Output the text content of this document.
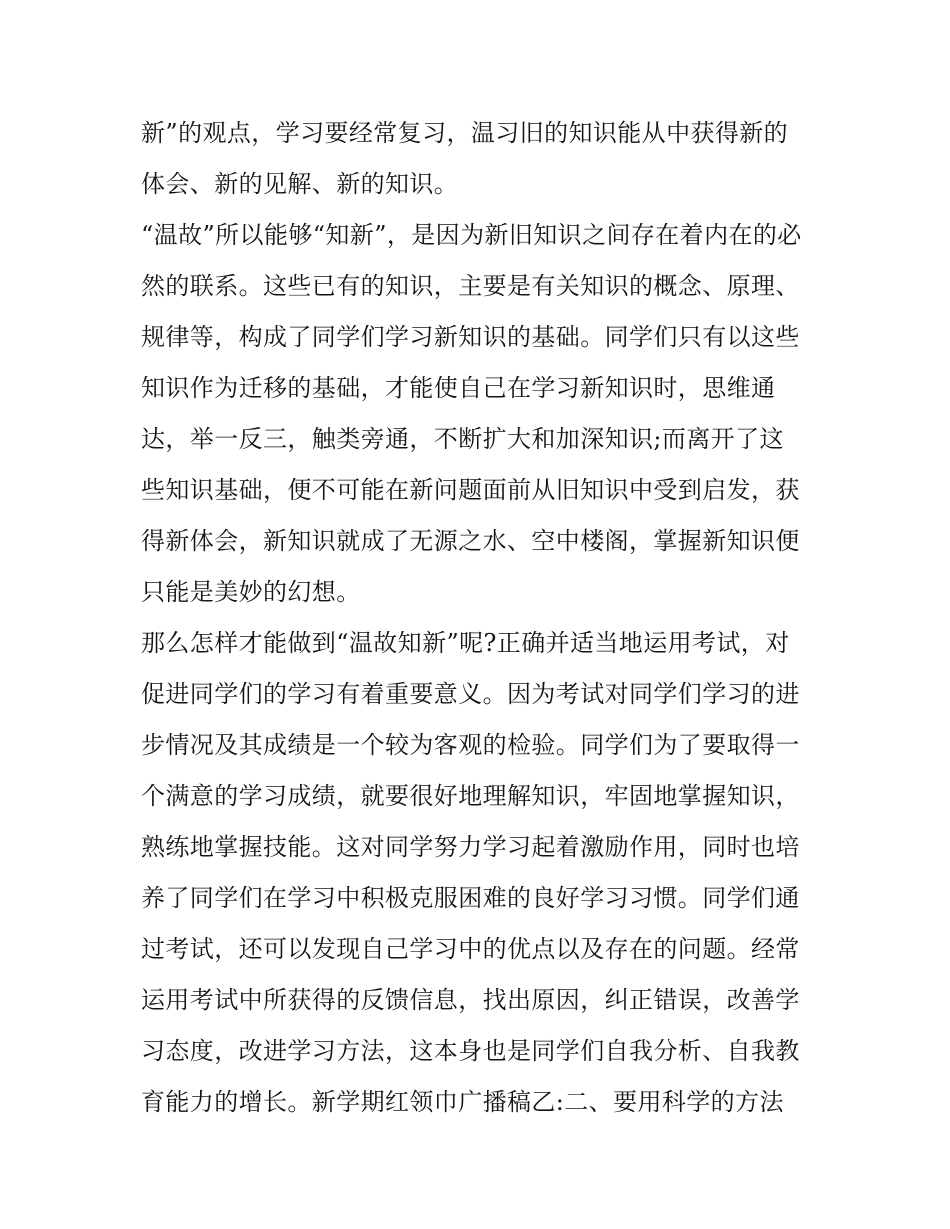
新”的观点，学习要经常复习，温习旧的知识能从中获得新的
体会、新的见解、新的知识。
“温故”所以能够“知新”，是因为新旧知识之间存在着内在的必
然的联系。这些已有的知识，主要是有关知识的概念、原理、
规律等，构成了同学们学习新知识的基础。同学们只有以这些
知识作为迁移的基础，才能使自己在学习新知识时，思维通
达，举一反三，触类旁通，不断扩大和加深知识;而离开了这
些知识基础，便不可能在新问题面前从旧知识中受到启发，获
得新体会，新知识就成了无源之水、空中楼阁，掌握新知识便
只能是美妙的幻想。
那么怎样才能做到“温故知新”呢?正确并适当地运用考试，对
促进同学们的学习有着重要意义。因为考试对同学们学习的进
步情况及其成绩是一个较为客观的检验。同学们为了要取得一
个满意的学习成绩，就要很好地理解知识，牢固地掌握知识，
熟练地掌握技能。这对同学努力学习起着激励作用，同时也培
养了同学们在学习中积极克服困难的良好学习习惯。同学们通
过考试，还可以发现自己学习中的优点以及存在的问题。经常
运用考试中所获得的反馈信息，找出原因，纠正错误，改善学
习态度，改进学习方法，这本身也是同学们自我分析、自我教
育能力的增长。新学期红领巾广播稿乙:二、要用科学的方法
